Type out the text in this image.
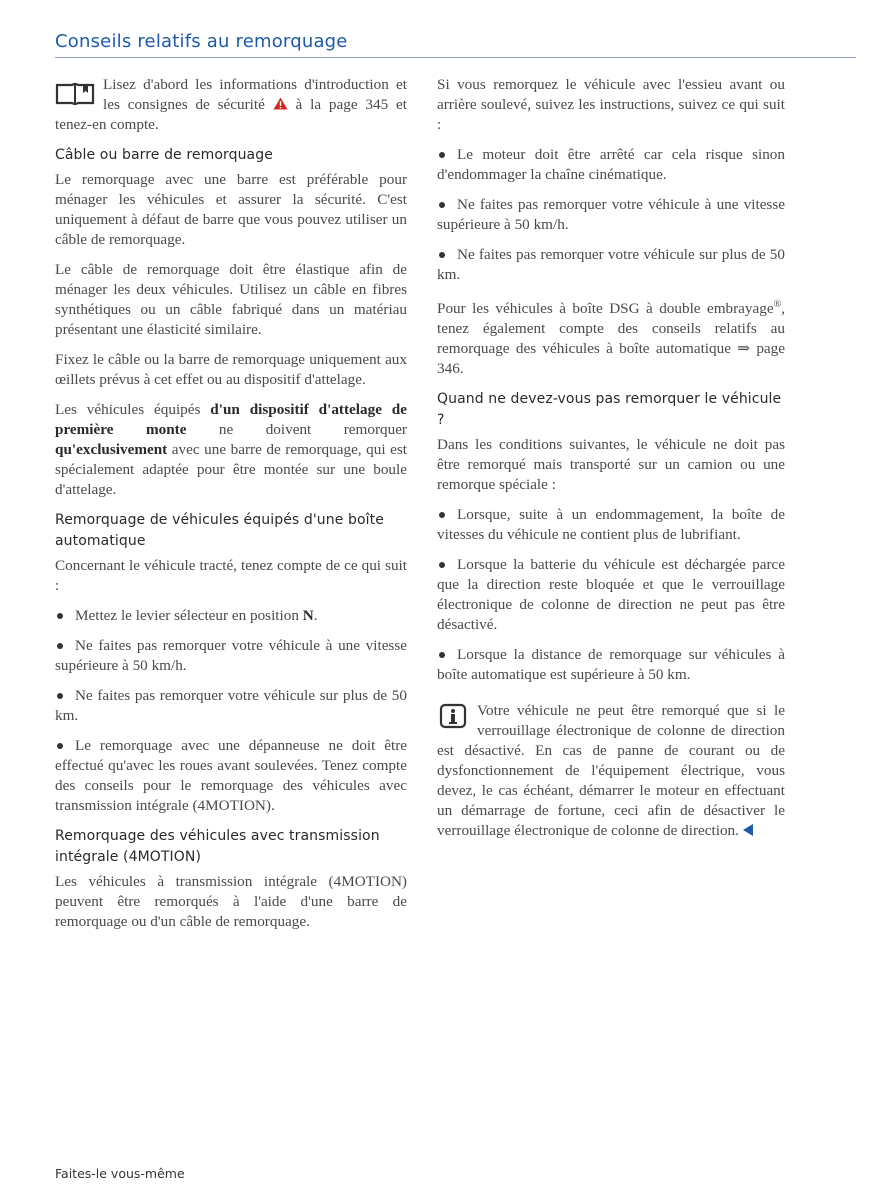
Conseils relatifs au remorquage

Lisez d'abord les informations d'introduction et les consignes de sécurité  à la page 345 et tenez-en compte.

Câble ou barre de remorquage

Le remorquage avec une barre est préférable pour ménager les véhicules et assurer la sécurité. C'est uniquement à défaut de barre que vous pouvez utiliser un câble de remorquage.

Le câble de remorquage doit être élastique afin de ménager les deux véhicules. Utilisez un câble en fibres synthétiques ou un câble fabriqué dans un matériau présentant une élasticité similaire.

Fixez le câble ou la barre de remorquage uniquement aux œillets prévus à cet effet ou au dispositif d'attelage.

Les véhicules équipés d'un dispositif d'attelage de première monte ne doivent remorquer qu'exclusivement avec une barre de remorquage, qui est spécialement adaptée pour être montée sur une boule d'attelage.

Remorquage de véhicules équipés d'une boîte automatique

Concernant le véhicule tracté, tenez compte de ce qui suit :

Mettez le levier sélecteur en position N.
Ne faites pas remorquer votre véhicule à une vitesse supérieure à 50 km/h.
Ne faites pas remorquer votre véhicule sur plus de 50 km.
Le remorquage avec une dépanneuse ne doit être effectué qu'avec les roues avant soulevées. Tenez compte des conseils pour le remorquage des véhicules avec transmission intégrale (4MOTION).
Remorquage des véhicules avec transmission intégrale (4MOTION)

Les véhicules à transmission intégrale (4MOTION) peuvent être remorqués à l'aide d'une barre de remorquage ou d'un câble de remorquage.

Si vous remorquez le véhicule avec l'essieu avant ou arrière soulevé, suivez les instructions, suivez ce qui suit :

Le moteur doit être arrêté car cela risque sinon d'endommager la chaîne cinématique.
Ne faites pas remorquer votre véhicule à une vitesse supérieure à 50 km/h.
Ne faites pas remorquer votre véhicule sur plus de 50 km.

Pour les véhicules à boîte DSG à double embrayage®, tenez également compte des conseils relatifs au remorquage des véhicules à boîte automatique ⇒ page 346.

Quand ne devez-vous pas remorquer le véhicule ?

Dans les conditions suivantes, le véhicule ne doit pas être remorqué mais transporté sur un camion ou une remorque spéciale :

Lorsque, suite à un endommagement, la boîte de vitesses du véhicule ne contient plus de lubrifiant.
Lorsque la batterie du véhicule est déchargée parce que la direction reste bloquée et que le verrouillage électronique de colonne de direction ne peut pas être désactivé.
Lorsque la distance de remorquage sur véhicules à boîte automatique est supérieure à 50 km.

Votre véhicule ne peut être remorqué que si le verrouillage électronique de colonne de direction est désactivé. En cas de panne de courant ou de dysfonctionnement de l'équipement électrique, vous devez, le cas échéant, démarrer le moteur en effectuant un démarrage de fortune, ceci afin de désactiver le verrouillage électronique de colonne de direction.

Faites-le vous-même
